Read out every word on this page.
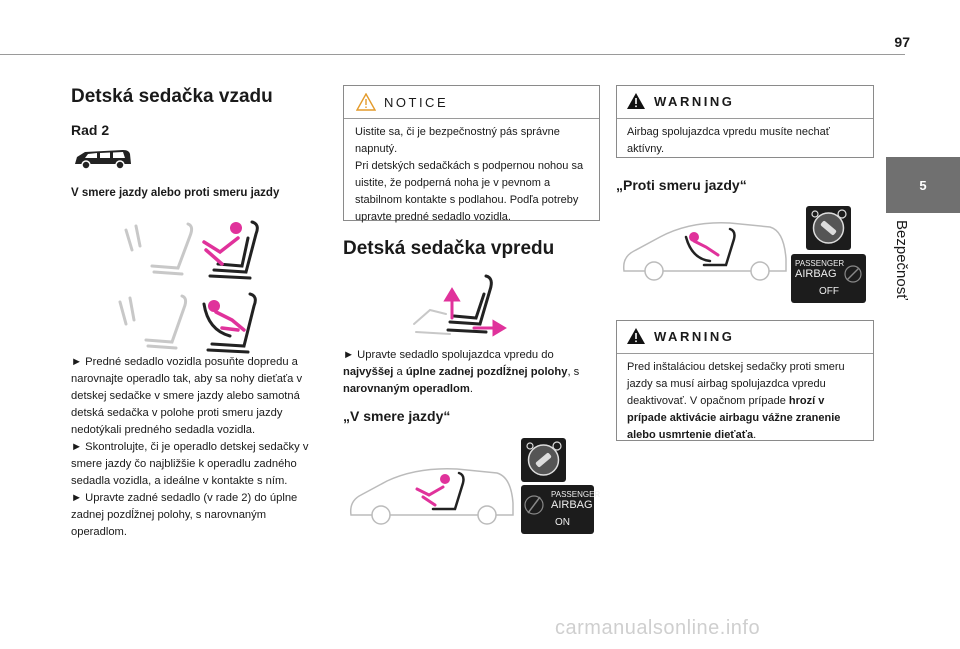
97
5
Bezpečnosť
Detská sedačka vzadu
Rad 2
V smere jazdy alebo proti smeru jazdy

► Predné sedadlo vozidla posuňte dopredu a narovnajte operadlo tak, aby sa nohy dieťaťa v detskej sedačke v smere jazdy alebo samotná detská sedačka v polohe proti smeru jazdy nedotýkali predného sedadla vozidla.

► Skontrolujte, či je operadlo detskej sedačky v smere jazdy čo najbližšie k operadlu zadného sedadla vozidla, a ideálne v kontakte s ním.

► Upravte zadné sedadlo (v rade 2) do úplne zadnej pozdĺžnej polohy, s narovnaným operadlom.

NOTICE

Uistite sa, či je bezpečnostný pás správne napnutý.
Pri detských sedačkách s podpernou nohou sa uistite, že podperná noha je v pevnom a stabilnom kontakte s podlahou. Podľa potreby upravte predné sedadlo vozidla.

Detská sedačka vpredu

► Upravte sedadlo spolujazdca vpredu do najvyššej a úplne zadnej pozdĺžnej polohy, s narovnaným operadlom.

„V smere jazdy“
PASSENGER
AIRBAG
ON
WARNING

Airbag spolujazdca vpredu musíte nechať aktívny.

„Proti smeru jazdy“
PASSENGER
AIRBAG
OFF
WARNING

Pred inštaláciou detskej sedačky proti smeru jazdy sa musí airbag spolujazdca vpredu deaktivovať. V opačnom prípade hrozí v prípade aktivácie airbagu vážne zranenie alebo usmrtenie dieťaťa.

carmanualsonline.info
